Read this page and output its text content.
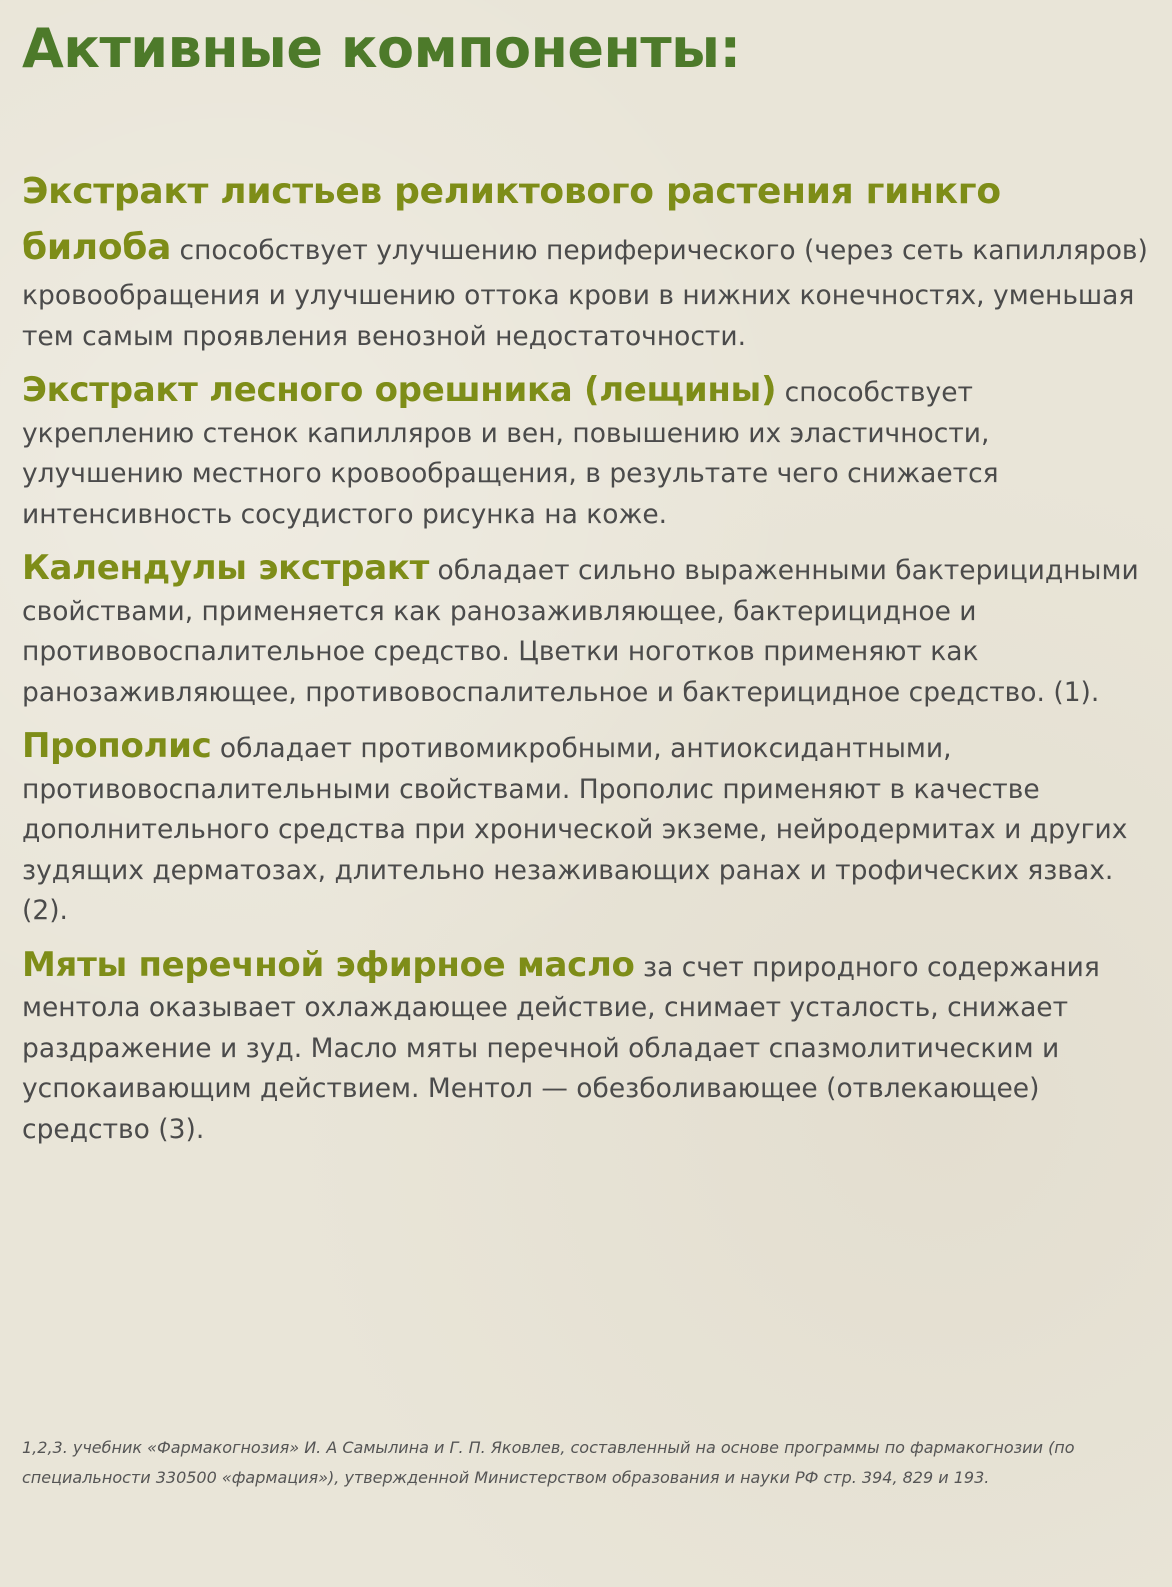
Активные компоненты:

Экстракт листьев реликтового растения гинкго билоба способствует улучшению периферического (через сеть капилляров) кровообращения и улучшению оттока крови в нижних конечностях, уменьшая тем самым проявления венозной недостаточности.

Экстракт лесного орешника (лещины) способствует укреплению стенок капилляров и вен, повышению их эластичности, улучшению местного кровообращения, в результате чего снижается интенсивность сосудистого рисунка на коже.

Календулы экстракт обладает сильно выраженными бактерицидными свойствами, применяется как ранозаживляющее, бактерицидное и противовоспалительное средство. Цветки ноготков применяют как ранозаживляющее, противовоспалительное и бактерицидное средство. (1).

Прополис обладает противомикробными, антиоксидантными, противовоспалительными свойствами. Прополис применяют в качестве дополнительного средства при хронической экземе, нейродермитах и других зудящих дерматозах, длительно незаживающих ранах и трофических язвах. (2).

Мяты перечной эфирное масло за счет природного содержания ментола оказывает охлаждающее действие, снимает усталость, снижает раздражение и зуд. Масло мяты перечной обладает спазмолитическим и успокаивающим действием. Ментол — обезболивающее (отвлекающее) средство (3).

1,2,3. учебник «Фармакогнозия» И. А Самылина и Г. П. Яковлев, составленный на основе программы по фармакогнозии (по специальности 330500 «фармация»), утвержденной Министерством образования и науки РФ стр. 394, 829 и 193.
